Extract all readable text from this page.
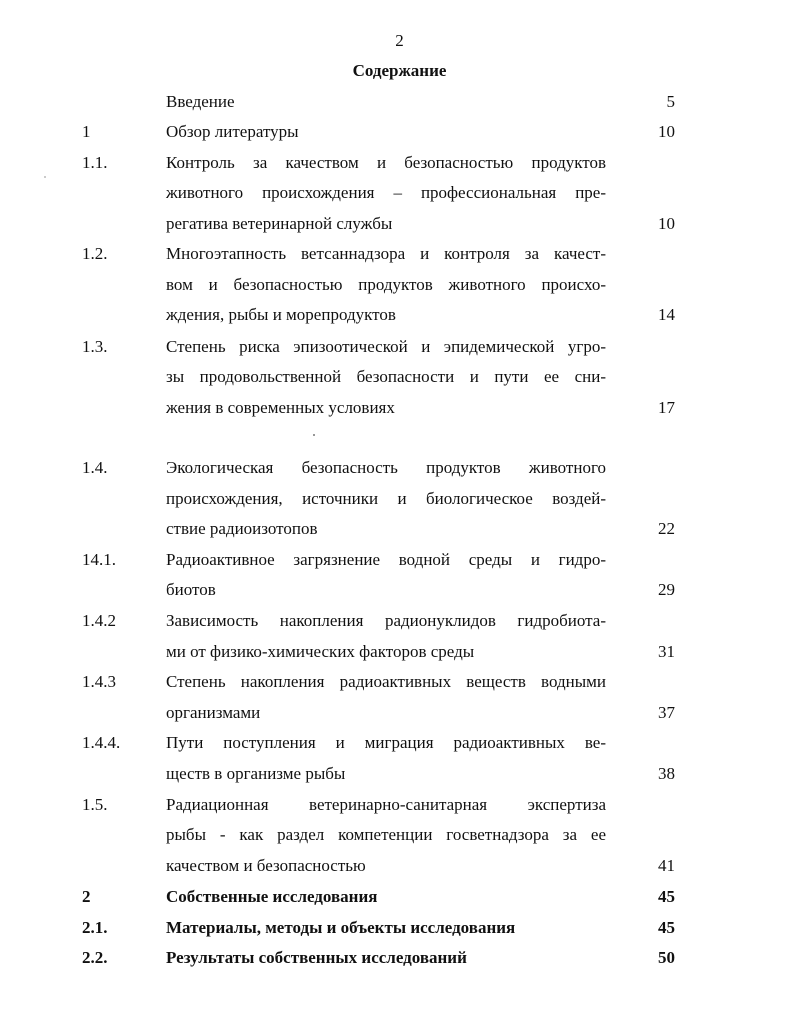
2
Содержание
Введение	5
1	Обзор литературы	10
1.1.	Контроль за качеством и безопасностью продуктов
животного происхождения – профессиональная пре-
регатива ветеринарной службы	10
1.2.	Многоэтапность ветсаннадзора и контроля за качест-
вом и безопасностью продуктов животного происхо-
ждения, рыбы и морепродуктов	14
1.3.	Степень риска эпизоотической и эпидемической угро-
зы продовольственной безопасности и пути ее сни-
жения в современных условиях	17
1.4.	Экологическая безопасность продуктов животного
происхождения, источники и биологическое воздей-
ствие радиоизотопов	22
14.1.	Радиоактивное загрязнение водной среды и гидро-
биотов	29
1.4.2	Зависимость накопления радионуклидов гидробиота-
ми от физико-химических факторов среды	31
1.4.3	Степень накопления радиоактивных веществ водными
организмами	37
1.4.4.	Пути поступления и миграция радиоактивных ве-
ществ в организме рыбы	38
1.5.	Радиационная ветеринарно-санитарная экспертиза
рыбы - как раздел компетенции госветнадзора за ее
качеством и безопасностью	41
2	Собственные исследования	45
2.1.	Материалы, методы и объекты исследования	45
2.2.	Результаты собственных исследований	50
